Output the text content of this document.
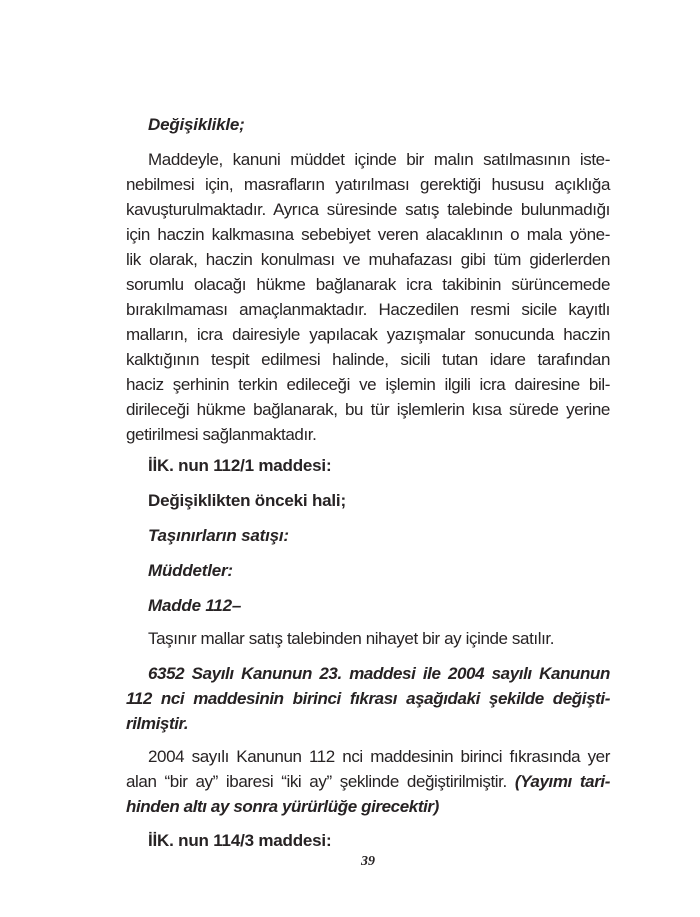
Değişiklikle;
Maddeyle, kanuni müddet içinde bir malın satılmasının iste-
nebilmesi için, masrafların yatırılması gerektiği hususu açıklığa
kavuşturulmaktadır. Ayrıca süresinde satış talebinde bulunmadığı
için haczin kalkmasına sebebiyet veren alacaklının o mala yöne-
lik olarak, haczin konulması ve muhafazası gibi tüm giderlerden
sorumlu olacağı hükme bağlanarak icra takibinin sürüncemede
bırakılmaması amaçlanmaktadır. Haczedilen resmi sicile kayıtlı
malların, icra dairesiyle yapılacak yazışmalar sonucunda haczin
kalktığının tespit edilmesi halinde, sicili tutan idare tarafından
haciz şerhinin terkin edileceği ve işlemin ilgili icra dairesine bil-
dirileceği hükme bağlanarak, bu tür işlemlerin kısa sürede yerine
getirilmesi sağlanmaktadır.
İİK. nun 112/1 maddesi:
Değişiklikten önceki hali;
Taşınırların satışı:
Müddetler:
Madde 112–
Taşınır mallar satış talebinden nihayet bir ay içinde satılır.
6352 Sayılı Kanunun 23. maddesi ile 2004 sayılı Kanunun
112 nci maddesinin birinci fıkrası aşağıdaki şekilde değişti-
rilmiştir.
2004 sayılı Kanunun 112 nci maddesinin birinci fıkrasında yer
alan “bir ay” ibaresi “iki ay” şeklinde değiştirilmiştir. (Yayımı tari-
hinden altı ay sonra yürürlüğe girecektir)
İİK. nun 114/3 maddesi:
39
